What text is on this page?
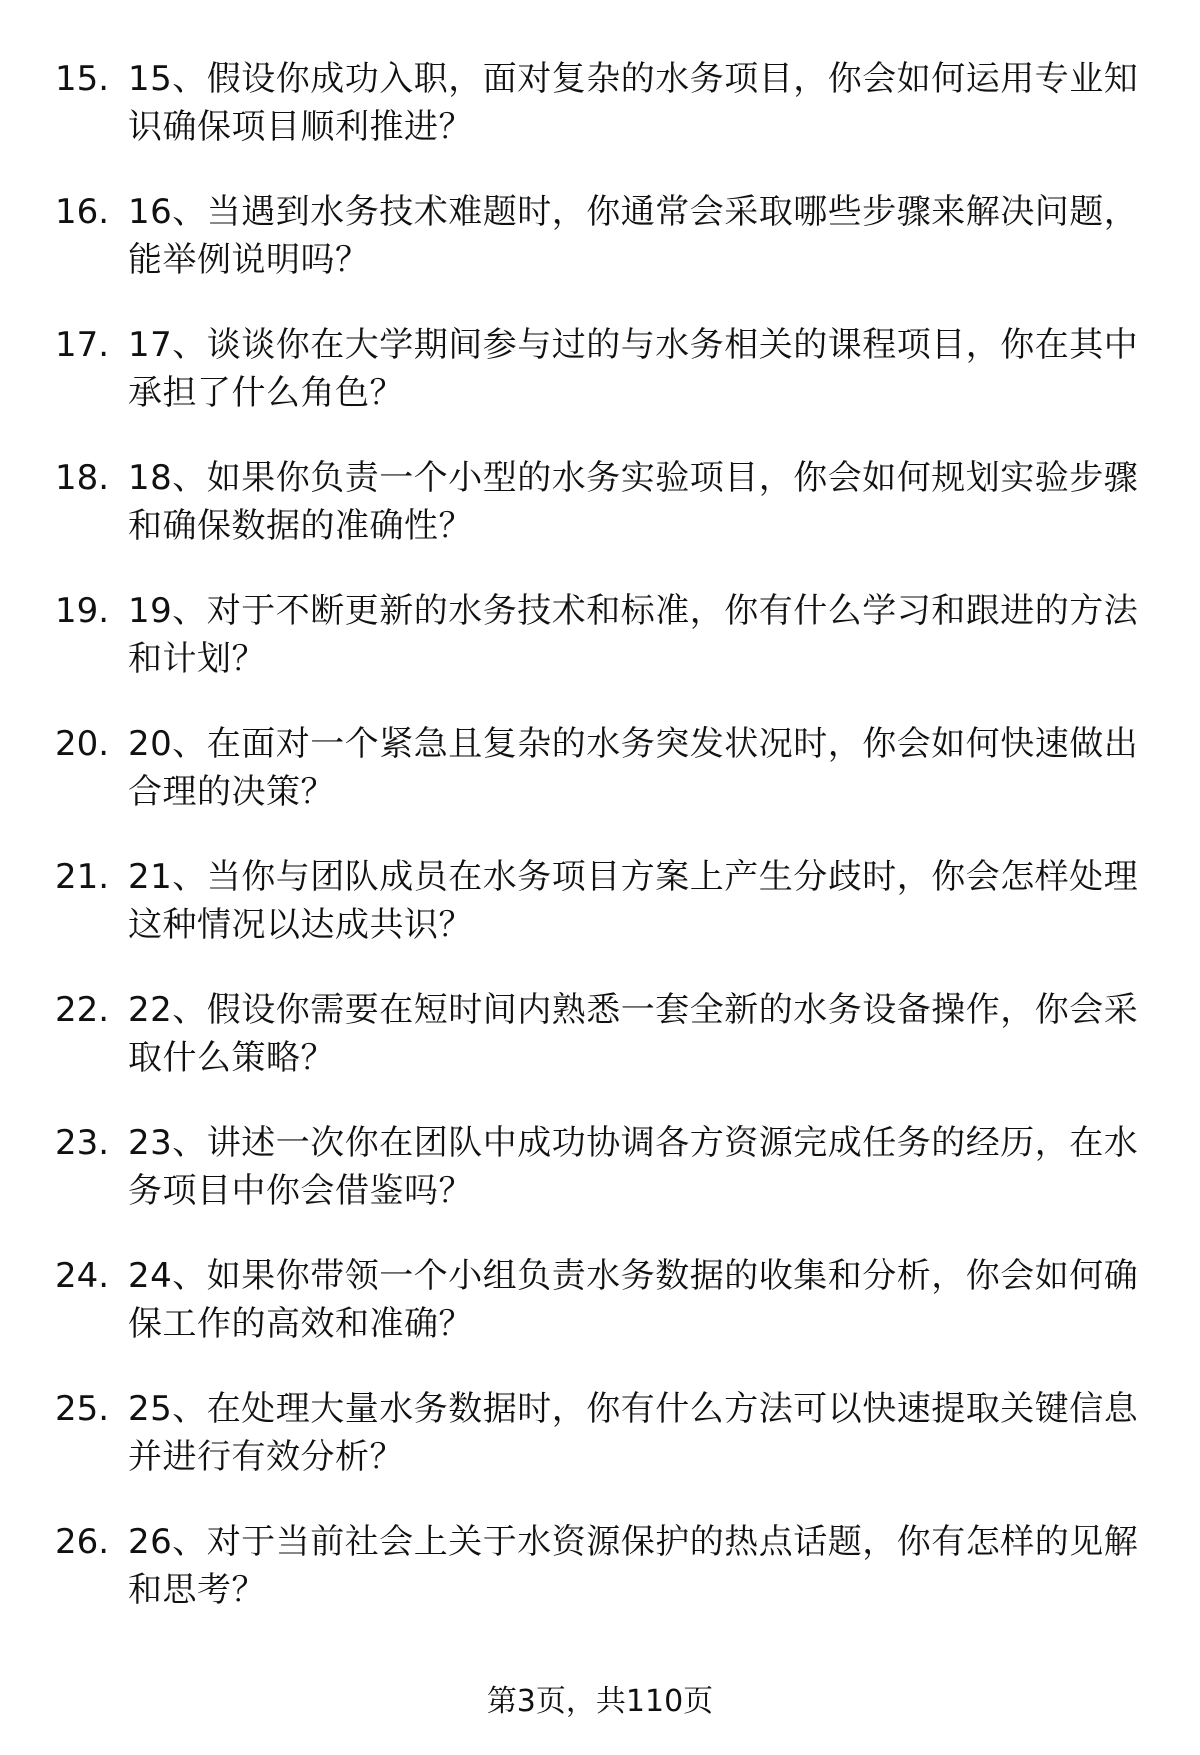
15. 15、假设你成功入职，面对复杂的水务项目，你会如何运用专业知识确保项目顺利推进？
16. 16、当遇到水务技术难题时，你通常会采取哪些步骤来解决问题，能举例说明吗？
17. 17、谈谈你在大学期间参与过的与水务相关的课程项目，你在其中承担了什么角色？
18. 18、如果你负责一个小型的水务实验项目，你会如何规划实验步骤和确保数据的准确性？
19. 19、对于不断更新的水务技术和标准，你有什么学习和跟进的方法和计划？
20. 20、在面对一个紧急且复杂的水务突发状况时，你会如何快速做出合理的决策？
21. 21、当你与团队成员在水务项目方案上产生分歧时，你会怎样处理这种情况以达成共识？
22. 22、假设你需要在短时间内熟悉一套全新的水务设备操作，你会采取什么策略？
23. 23、讲述一次你在团队中成功协调各方资源完成任务的经历，在水务项目中你会借鉴吗？
24. 24、如果你带领一个小组负责水务数据的收集和分析，你会如何确保工作的高效和准确？
25. 25、在处理大量水务数据时，你有什么方法可以快速提取关键信息并进行有效分析？
26. 26、对于当前社会上关于水资源保护的热点话题，你有怎样的见解和思考？
第3页，共110页
